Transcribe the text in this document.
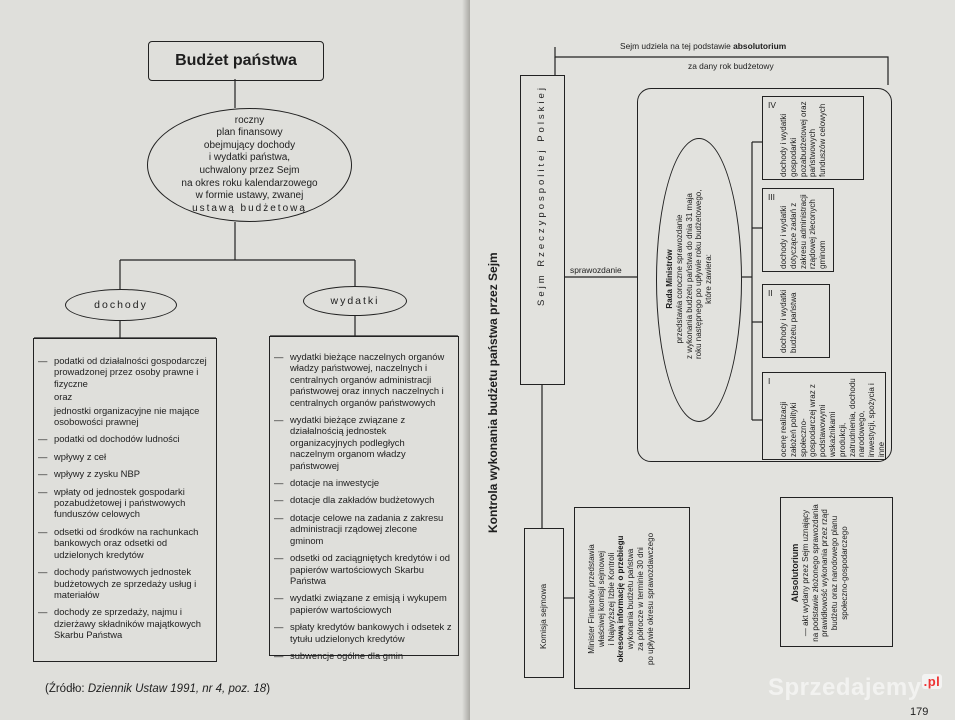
Budżet państwa
roczny
plan finansowy
obejmujący dochody
i wydatki państwa,
uchwalony przez Sejm
na okres roku kalendarzowego
w formie ustawy, zwanej
ustawą budżetową
dochody	wydatki
— podatki od działalności gospodarczej prowadzonej przez osoby prawne i fizyczne
oraz
jednostki organizacyjne nie mające osobowości prawnej
— podatki od dochodów ludności
— wpływy z ceł
— wpływy z zysku NBP
— wpłaty od jednostek gospodarki pozabudżetowej i państwowych funduszów celowych
— odsetki od środków na rachunkach bankowych oraz odsetki od udzielonych kredytów
— dochody państwowych jednostek budżetowych ze sprzedaży usług i materiałów
— dochody ze sprzedaży, najmu i dzierżawy składników majątkowych Skarbu Państwa
— wydatki bieżące naczelnych organów władzy państwowej, naczelnych i centralnych organów administracji państwowej oraz innych naczelnych i centralnych organów państwowych
— wydatki bieżące związane z działalnością jednostek organizacyjnych podległych naczelnym organom władzy państwowej
— dotacje na inwestycje
— dotacje dla zakładów budżetowych
— dotacje celowe na zadania z zakresu administracji rządowej zlecone gminom
— odsetki od zaciągniętych kredytów i od papierów wartościowych Skarbu Państwa
— wydatki związane z emisją i wykupem papierów wartościowych
— spłaty kredytów bankowych i odsetek z tytułu udzielonych kredytów
— subwencje ogólne dla gmin
(Źródło: Dziennik Ustaw 1991, nr 4, poz. 18)
Kontrola wykonania budżetu państwa przez Sejm
Sejm udziela na tej podstawie absolutorium
za dany rok budżetowy
Sejm Rzeczypospolitej Polskiej	sprawozdanie	Rada Ministrów przedstawia coroczne sprawozdanie z wykonania budżetu państwa do dnia 31 maja roku następnego po upływie roku budżetowego, które zawiera:
I
ocenę realizacji założeń polityki społeczno-gospodarczej wraz z podstawowymi wskaźnikami produkcji, zatrudnienia, dochodu narodowego, inwestycji, spożycia i inne
II dochody i wydatki budżetu państwa
III
dochody i wydatki dotyczące zadań z zakresu administracji rządowej zleconych gminom
IV
dochody i wydatki gospodarki pozabudżetowej oraz państwowych funduszów celowych
Komisja sejmowa	Minister Finansów przedstawia właściwej komisji sejmowej i Najwyższej Izbie Kontroli okresową informację o przebiegu wykonania budżetu państwa za półrocze w terminie 30 dni po upływie okresu sprawozdawczego	Absolutorium — akt wydany przez Sejm uznający na podstawie złożonego sprawozdania prawidłowość wykonania przez rząd budżetu oraz narodowego planu społeczno-gospodarczego
179
Sprzedajemy $^{.pl}$
